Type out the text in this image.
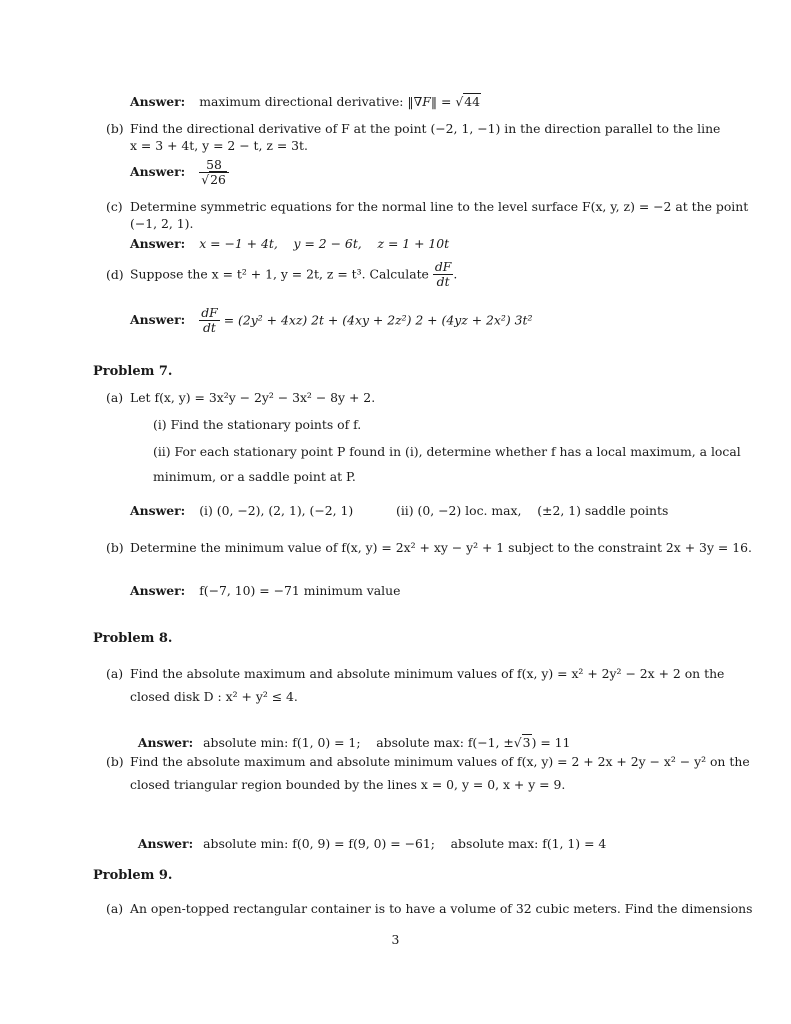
Answer: maximum directional derivative: ‖∇F‖ = √44
(b) Find the directional derivative of F at the point (−2, 1, −1) in the direction parallel to the line
x = 3 + 4t, y = 2 − t, z = 3t.
Answer: $\frac{58}{√26}$
(c) Determine symmetric equations for the normal line to the level surface F(x, y, z) = −2 at the point
(−1, 2, 1).
Answer: x = −1 + 4t,    y = 2 − 6t,    z = 1 + 10t
(d) Suppose the x = t² + 1, y = 2t, z = t³. Calculate $\frac{dF}{dt}$ .
Answer: $\frac{dF}{dt} = (2y^2 + 4xz) 2t + (4xy + 2z^2) 2 + (4yz + 2x^2)$ 3t²
Problem 7.
(a) Let f(x, y) = 3x²y − 2y² − 3x² − 8y + 2.
(i) Find the stationary points of f.
(ii) For each stationary point P found in (i), determine whether f has a local maximum, a local
minimum, or a saddle point at P.
Answer: (i) (0, −2), (2, 1), (−2, 1)	(ii) (0, −2) loc. max,    (±2, 1) saddle points
(b) Determine the minimum value of f(x, y) = 2x² + xy − y² + 1 subject to the constraint 2x + 3y = 16.
Answer: f(−7, 10) = −71 minimum value
Problem 8.
(a) Find the absolute maximum and absolute minimum values of f(x, y) = x² + 2y² − 2x + 2 on the
closed disk D : x² + y² ≤ 4.

Answer: absolute min: f(1, 0) = 1;    absolute max: f(−1, ±√3) = 11

(b) Find the absolute maximum and absolute minimum values of f(x, y) = 2 + 2x + 2y − x² − y² on the
closed triangular region bounded by the lines x = 0, y = 0, x + y = 9.

Answer: absolute min: f(0, 9) = f(9, 0) = −61;    absolute max: f(1, 1) = 4

Problem 9.
(a) An open-topped rectangular container is to have a volume of 32 cubic meters. Find the dimensions
3
